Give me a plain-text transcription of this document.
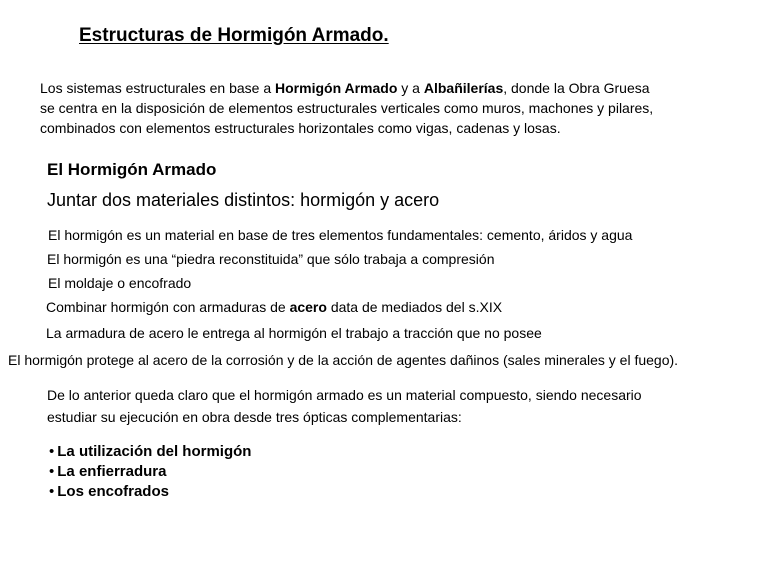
Estructuras de Hormigón Armado.
Los sistemas estructurales en base a Hormigón Armado y a Albañilerías, donde la Obra Gruesa
se centra en la disposición de elementos estructurales verticales como muros, machones y pilares,
combinados con elementos estructurales horizontales como vigas, cadenas y losas.
El Hormigón Armado
Juntar dos materiales distintos: hormigón y acero
El hormigón es un material en base de tres elementos fundamentales: cemento, áridos y agua
El hormigón es una “piedra reconstituida” que sólo trabaja a compresión
El moldaje o encofrado
Combinar hormigón con armaduras de acero data de mediados del s.XIX
La armadura de acero le entrega al hormigón el trabajo a tracción que no posee
El hormigón protege al acero de la corrosión y de la acción de agentes dañinos (sales minerales y el fuego).
De lo anterior queda claro que el hormigón armado es un material compuesto, siendo necesario
estudiar su ejecución en obra desde tres ópticas complementarias:
• La utilización del hormigón
• La enfierradura
• Los encofrados
